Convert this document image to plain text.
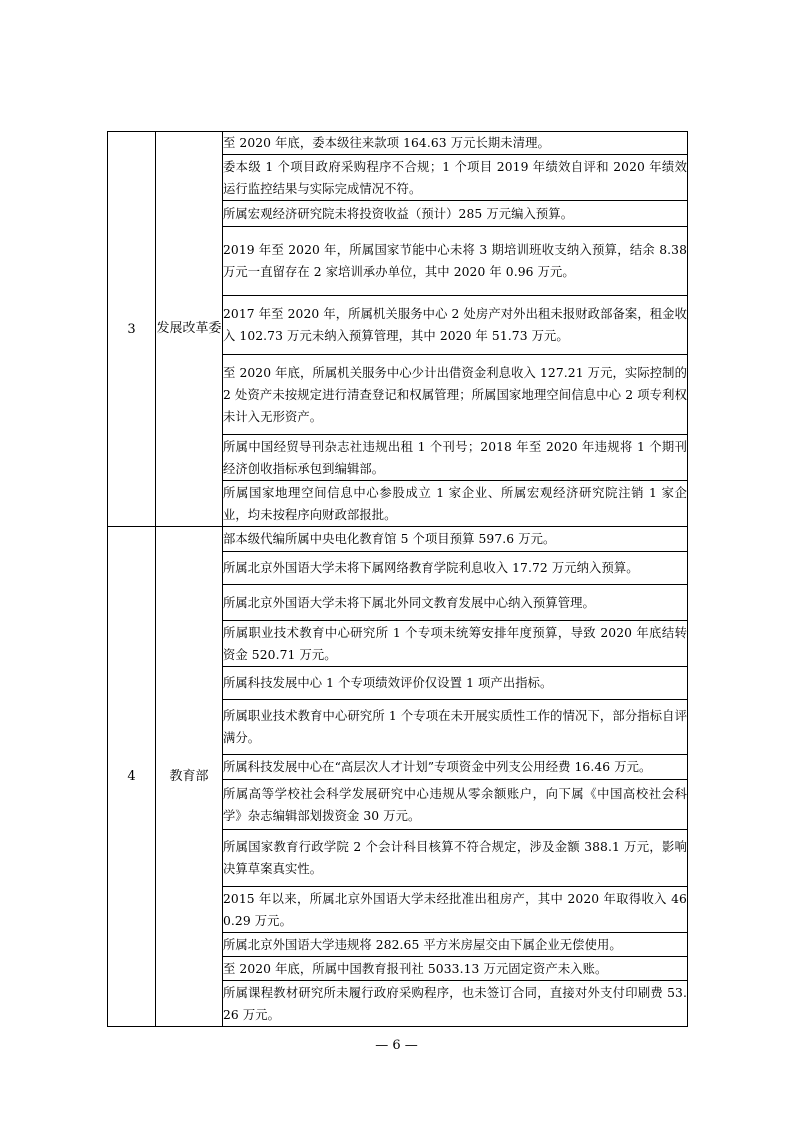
3	发展改革委	至 2020 年底，委本级往来款项 164.63 万元长期未清理。
		委本级 1 个项目政府采购程序不合规；1 个项目 2019 年绩效自评和 2020 年绩效运行监控结果与实际完成情况不符。
		所属宏观经济研究院未将投资收益（预计）285 万元编入预算。
		2019 年至 2020 年，所属国家节能中心未将 3 期培训班收支纳入预算，结余 8.38 万元一直留存在 2 家培训承办单位，其中 2020 年 0.96 万元。
		2017 年至 2020 年，所属机关服务中心 2 处房产对外出租未报财政部备案，租金收入 102.73 万元未纳入预算管理，其中 2020 年 51.73 万元。
		至 2020 年底，所属机关服务中心少计出借资金利息收入 127.21 万元，实际控制的 2 处资产未按规定进行清查登记和权属管理；所属国家地理空间信息中心 2 项专利权未计入无形资产。
		所属中国经贸导刊杂志社违规出租 1 个刊号；2018 年至 2020 年违规将 1 个期刊经济创收指标承包到编辑部。
		所属国家地理空间信息中心参股成立 1 家企业、所属宏观经济研究院注销 1 家企业，均未按程序向财政部报批。
4	教育部	部本级代编所属中央电化教育馆 5 个项目预算 597.6 万元。
		所属北京外国语大学未将下属网络教育学院利息收入 17.72 万元纳入预算。
		所属北京外国语大学未将下属北外同文教育发展中心纳入预算管理。
		所属职业技术教育中心研究所 1 个专项未统筹安排年度预算，导致 2020 年底结转资金 520.71 万元。
		所属科技发展中心 1 个专项绩效评价仅设置 1 项产出指标。
		所属职业技术教育中心研究所 1 个专项在未开展实质性工作的情况下，部分指标自评满分。
		所属科技发展中心在“高层次人才计划”专项资金中列支公用经费 16.46 万元。
		所属高等学校社会科学发展研究中心违规从零余额账户，向下属《中国高校社会科学》杂志编辑部划拨资金 30 万元。
		所属国家教育行政学院 2 个会计科目核算不符合规定，涉及金额 388.1 万元，影响决算草案真实性。
		2015 年以来，所属北京外国语大学未经批准出租房产，其中 2020 年取得收入 460.29 万元。
		所属北京外国语大学违规将 282.65 平方米房屋交由下属企业无偿使用。
		至 2020 年底，所属中国教育报刊社 5033.13 万元固定资产未入账。
		所属课程教材研究所未履行政府采购程序，也未签订合同，直接对外支付印刷费 53.26 万元。
— 6 —
